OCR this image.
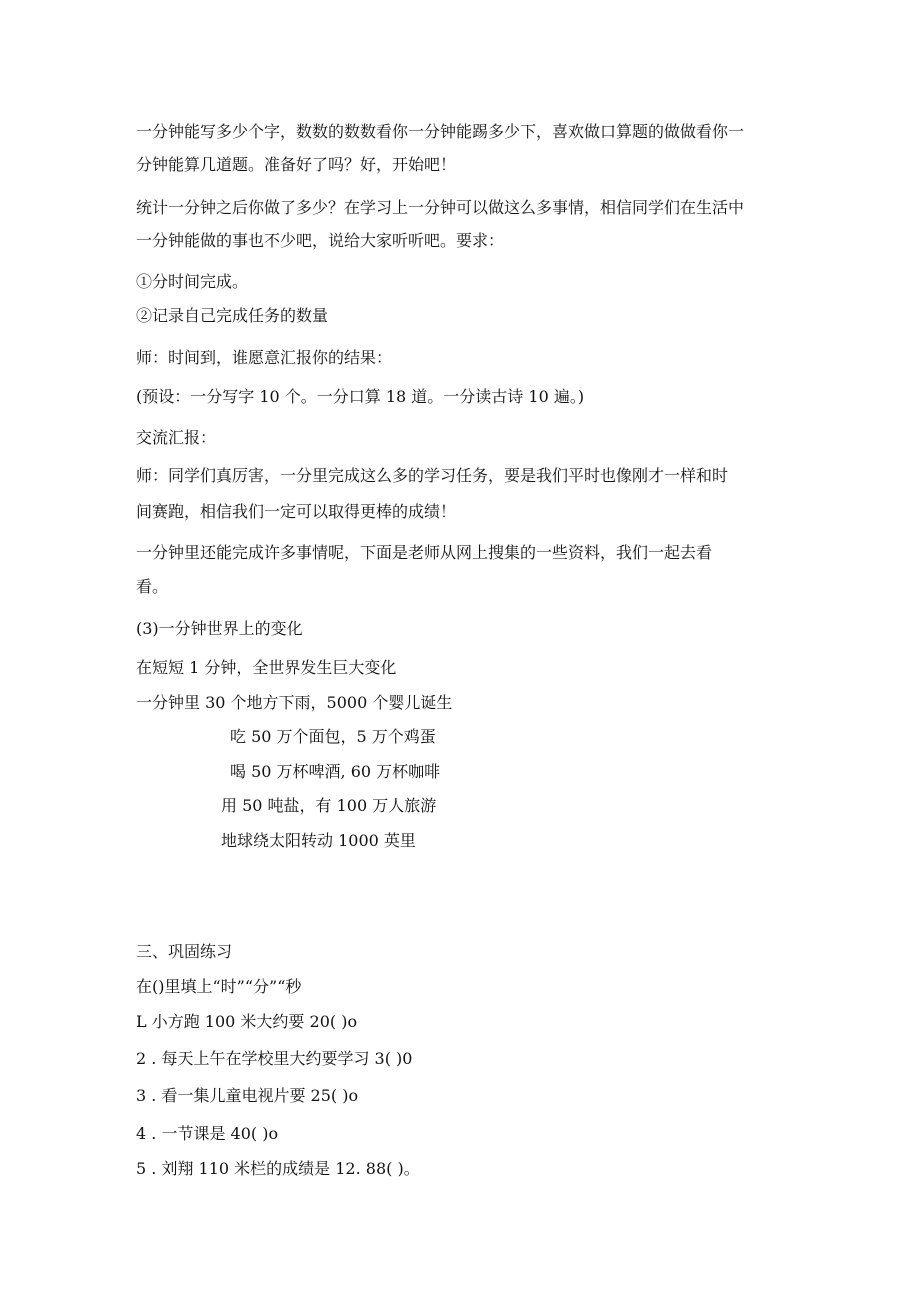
一分钟能写多少个字，数数的数数看你一分钟能踢多少下，喜欢做口算题的做做看你一
分钟能算几道题。准备好了吗？好，开始吧！
统计一分钟之后你做了多少？在学习上一分钟可以做这么多事情，相信同学们在生活中
一分钟能做的事也不少吧，说给大家听听吧。要求：
①分时间完成。
②记录自己完成任务的数量
师：时间到，谁愿意汇报你的结果：
(预设：一分写字 10 个。一分口算 18 道。一分读古诗 10 遍。)
交流汇报：
师：同学们真厉害，一分里完成这么多的学习任务，要是我们平时也像刚才一样和时
间赛跑，相信我们一定可以取得更棒的成绩！
一分钟里还能完成许多事情呢，下面是老师从网上搜集的一些资料，我们一起去看
看。
(3)一分钟世界上的变化
在短短 1 分钟，全世界发生巨大变化
一分钟里 30 个地方下雨，5000 个婴儿诞生
吃 50 万个面包，5 万个鸡蛋
喝 50 万杯啤酒, 60 万杯咖啡
用 50 吨盐，有 100 万人旅游
地球绕太阳转动 1000 英里
三、巩固练习
在()里填上“时”“分”“秒
L 小方跑 100 米大约要 20( )o
2 . 每天上午在学校里大约要学习 3( )0
3 . 看一集儿童电视片要 25( )o
4 . 一节课是 40( )o
5 . 刘翔 110 米栏的成绩是 12. 88( )。
